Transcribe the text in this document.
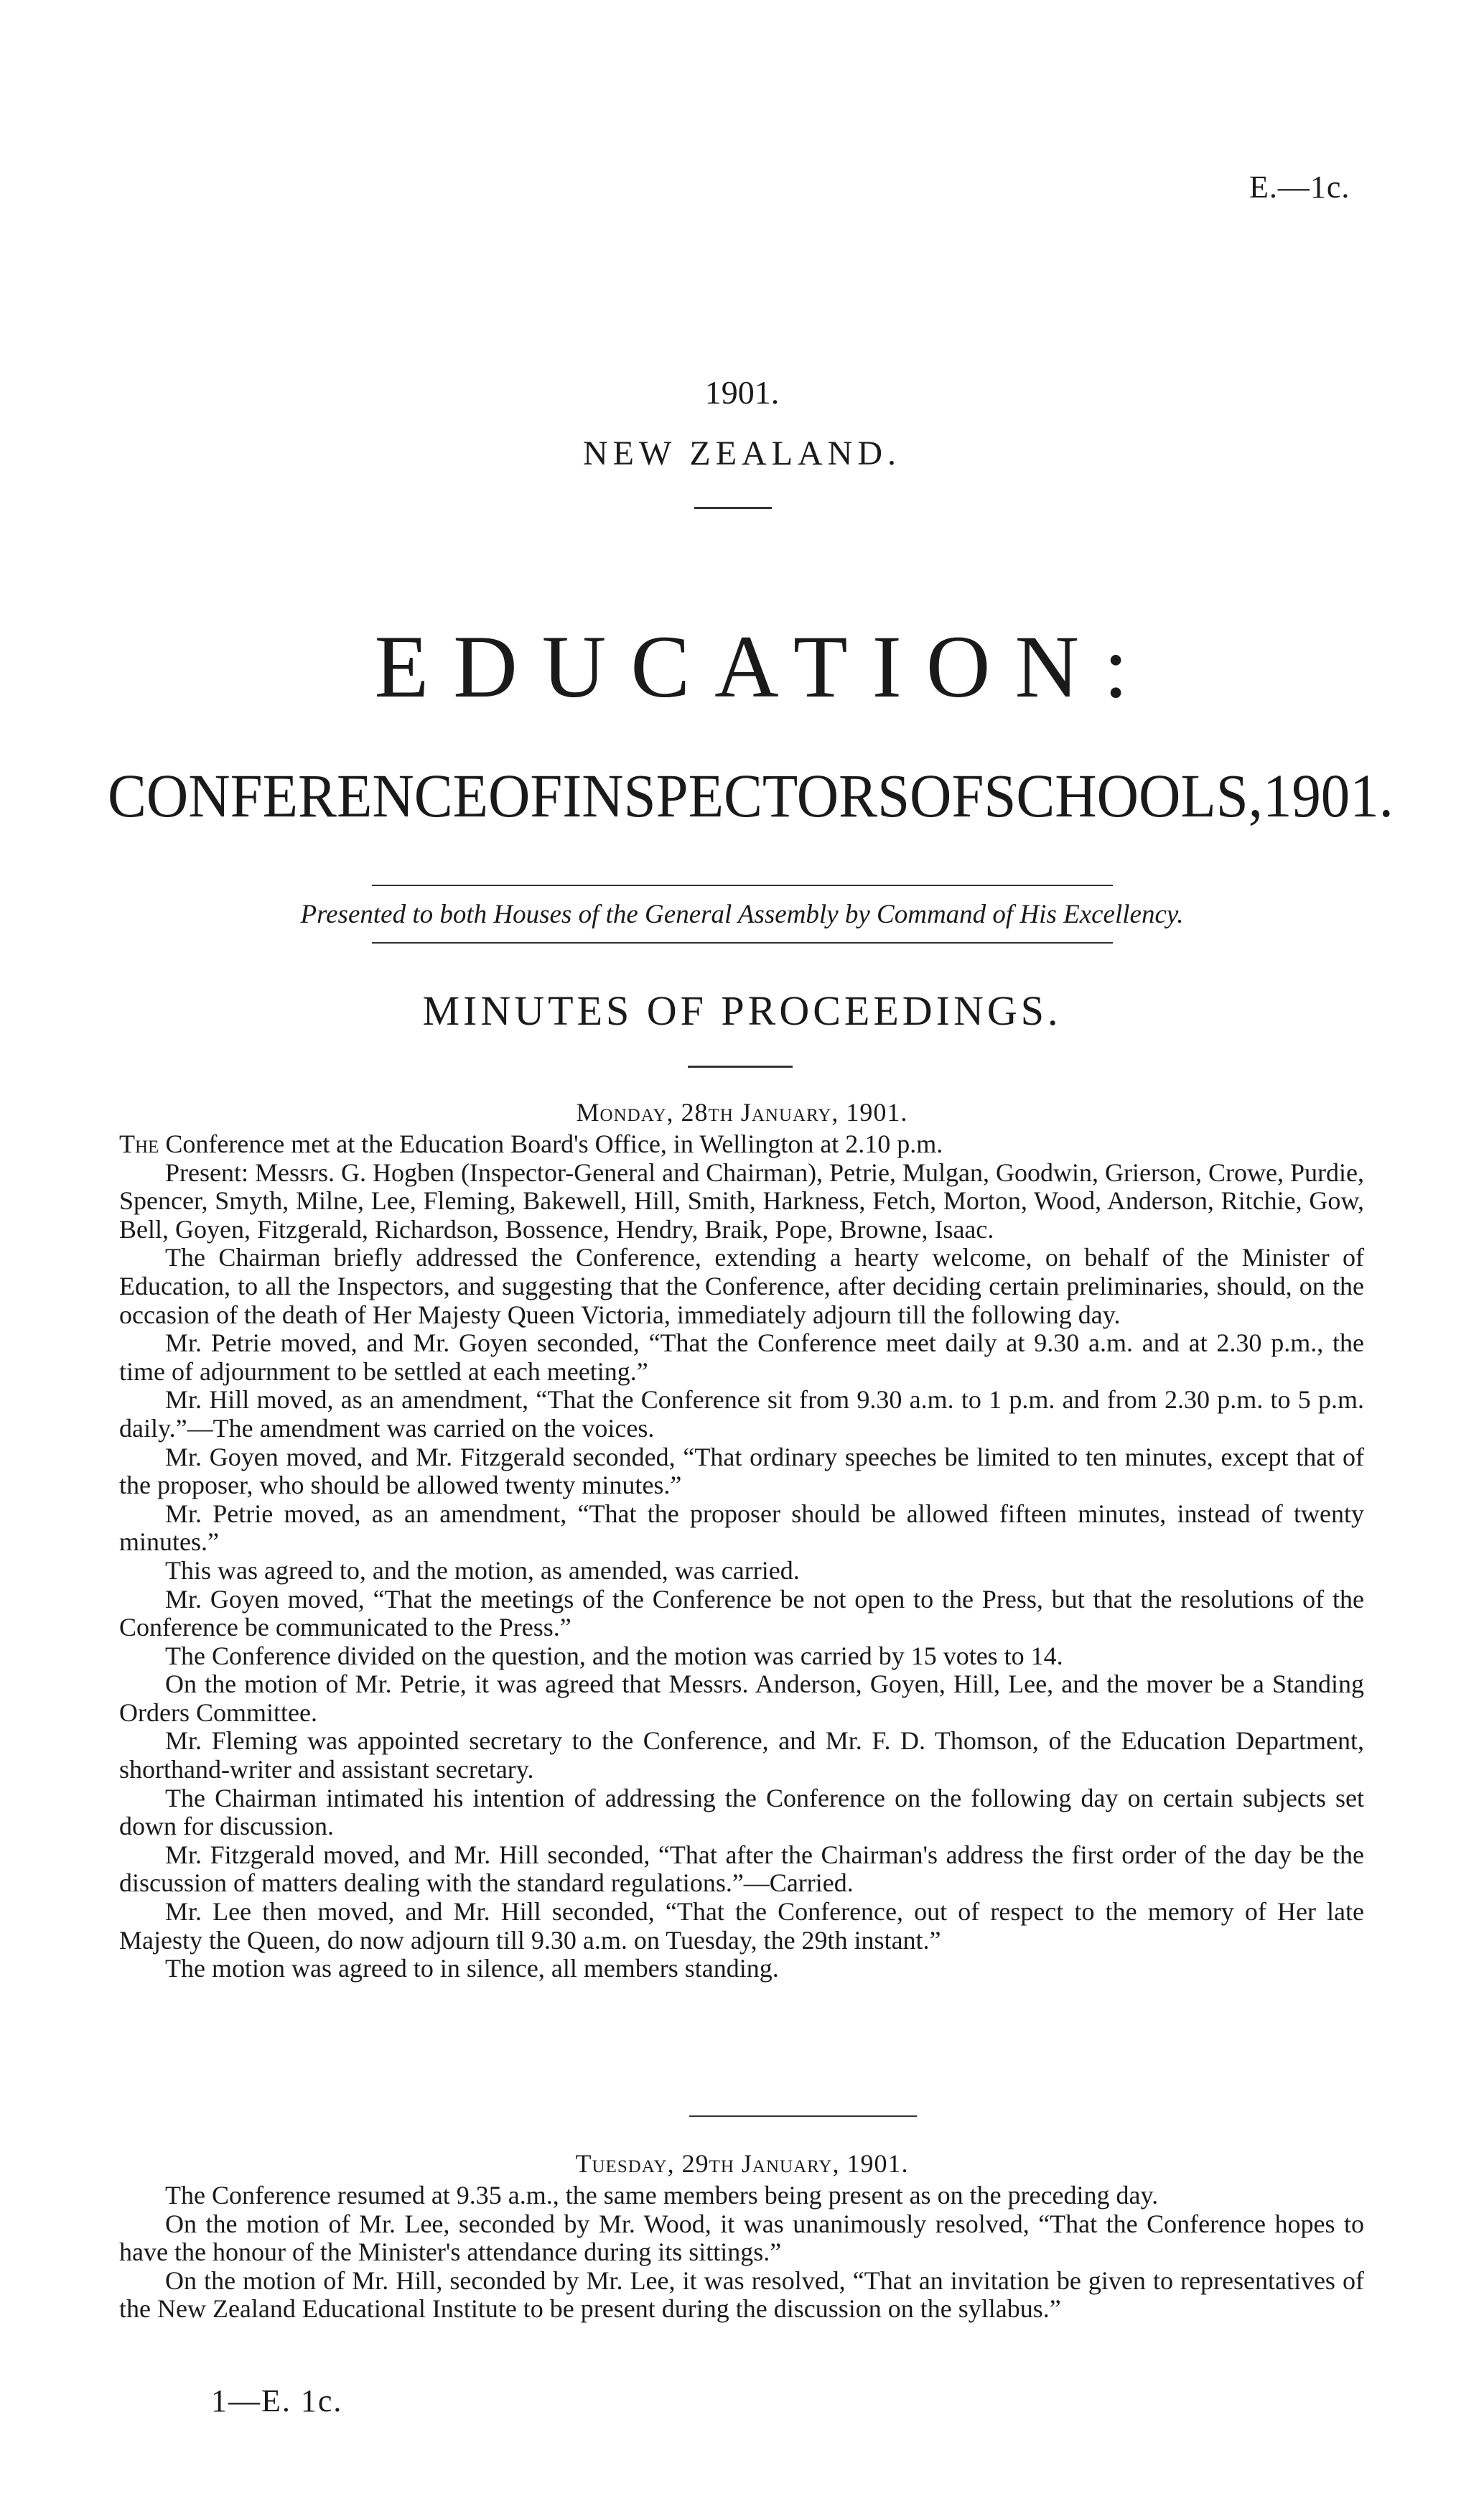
E.—1c.
1901.
NEW ZEALAND.
EDUCATION:
CONFERENCE OF INSPECTORS OF SCHOOLS, 1901.
Presented to both Houses of the General Assembly by Command of His Excellency.
MINUTES OF PROCEEDINGS.
Monday, 28th January, 1901.

The Conference met at the Education Board's Office, in Wellington at 2.10 p.m.

Present: Messrs. G. Hogben (Inspector-General and Chairman), Petrie, Mulgan, Goodwin, Grierson, Crowe, Purdie, Spencer, Smyth, Milne, Lee, Fleming, Bakewell, Hill, Smith, Harkness, Fetch, Morton, Wood, Anderson, Ritchie, Gow, Bell, Goyen, Fitzgerald, Richardson, Bossence, Hendry, Braik, Pope, Browne, Isaac.

The Chairman briefly addressed the Conference, extending a hearty welcome, on behalf of the Minister of Education, to all the Inspectors, and suggesting that the Conference, after deciding certain preliminaries, should, on the occasion of the death of Her Majesty Queen Victoria, immediately adjourn till the following day.

Mr. Petrie moved, and Mr. Goyen seconded, “That the Conference meet daily at 9.30 a.m. and at 2.30 p.m., the time of adjournment to be settled at each meeting.”

Mr. Hill moved, as an amendment, “That the Conference sit from 9.30 a.m. to 1 p.m. and from 2.30 p.m. to 5 p.m. daily.”—The amendment was carried on the voices.

Mr. Goyen moved, and Mr. Fitzgerald seconded, “That ordinary speeches be limited to ten minutes, except that of the proposer, who should be allowed twenty minutes.”

Mr. Petrie moved, as an amendment, “That the proposer should be allowed fifteen minutes, instead of twenty minutes.”

This was agreed to, and the motion, as amended, was carried.

Mr. Goyen moved, “That the meetings of the Conference be not open to the Press, but that the resolutions of the Conference be communicated to the Press.”

The Conference divided on the question, and the motion was carried by 15 votes to 14.

On the motion of Mr. Petrie, it was agreed that Messrs. Anderson, Goyen, Hill, Lee, and the mover be a Standing Orders Committee.

Mr. Fleming was appointed secretary to the Conference, and Mr. F. D. Thomson, of the Education Department, shorthand-writer and assistant secretary.

The Chairman intimated his intention of addressing the Conference on the following day on certain subjects set down for discussion.

Mr. Fitzgerald moved, and Mr. Hill seconded, “That after the Chairman's address the first order of the day be the discussion of matters dealing with the standard regulations.”—Carried.

Mr. Lee then moved, and Mr. Hill seconded, “That the Conference, out of respect to the memory of Her late Majesty the Queen, do now adjourn till 9.30 a.m. on Tuesday, the 29th instant.”

The motion was agreed to in silence, all members standing.

Tuesday, 29th January, 1901.

The Conference resumed at 9.35 a.m., the same members being present as on the preceding day.

On the motion of Mr. Lee, seconded by Mr. Wood, it was unanimously resolved, “That the Conference hopes to have the honour of the Minister's attendance during its sittings.”

On the motion of Mr. Hill, seconded by Mr. Lee, it was resolved, “That an invitation be given to representatives of the New Zealand Educational Institute to be present during the discussion on the syllabus.”

1—E. 1c.
